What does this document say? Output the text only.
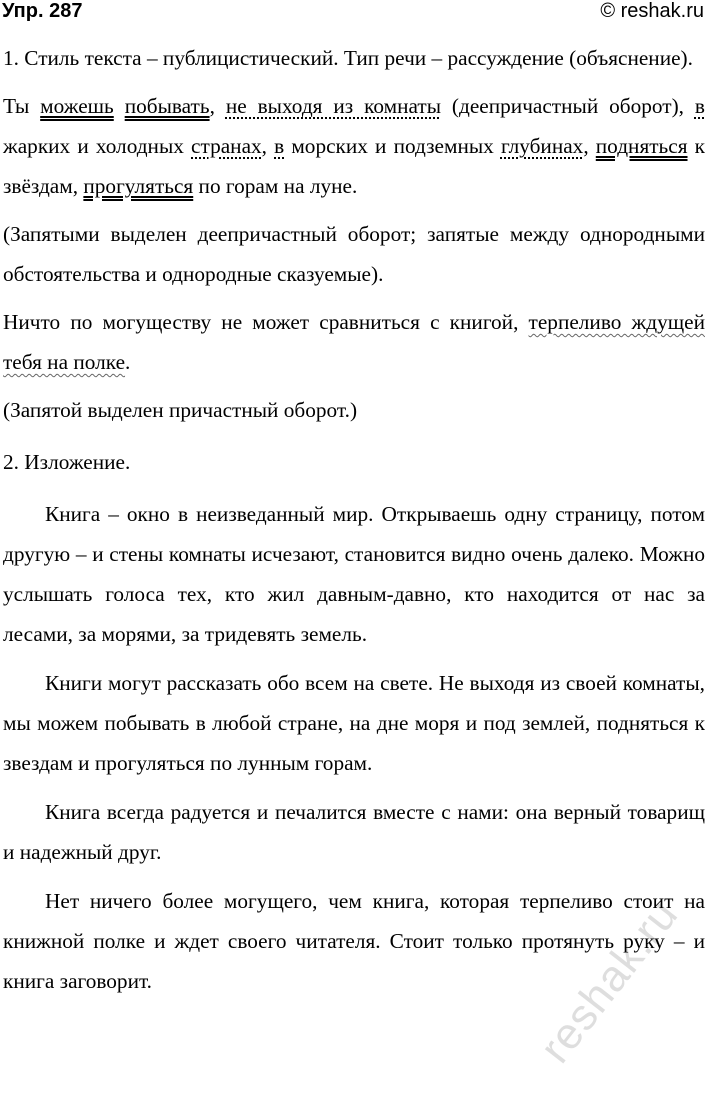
Упр. 287	© reshak.ru

1. Стиль текста – публицистический. Тип речи – рассуждение (объяснение).

Ты можешь побывать, не выходя из комнаты (деепричастный оборот), в жарких и холодных странах, в морских и подземных глубинах, подняться к звёздам, прогуляться по горам на луне.

(Запятыми выделен деепричастный оборот; запятые между однородными обстоятельства и однородные сказуемые).

Ничто по могуществу не может сравниться с книгой, терпеливо ждущей тебя на полке.

(Запятой выделен причастный оборот.)

2. Изложение.

Книга – окно в неизведанный мир. Открываешь одну страницу, потом другую – и стены комнаты исчезают, становится видно очень далеко. Можно услышать голоса тех, кто жил давным-давно, кто находится от нас за лесами, за морями, за тридевять земель.

Книги могут рассказать обо всем на свете. Не выходя из своей комнаты, мы можем побывать в любой стране, на дне моря и под землей, подняться к звездам и прогуляться по лунным горам.

Книга всегда радуется и печалится вместе с нами: она верный товарищ и надежный друг.

Нет ничего более могущего, чем книга, которая терпеливо стоит на книжной полке и ждет своего читателя. Стоит только протянуть руку – и книга заговорит.	reshak.ru
